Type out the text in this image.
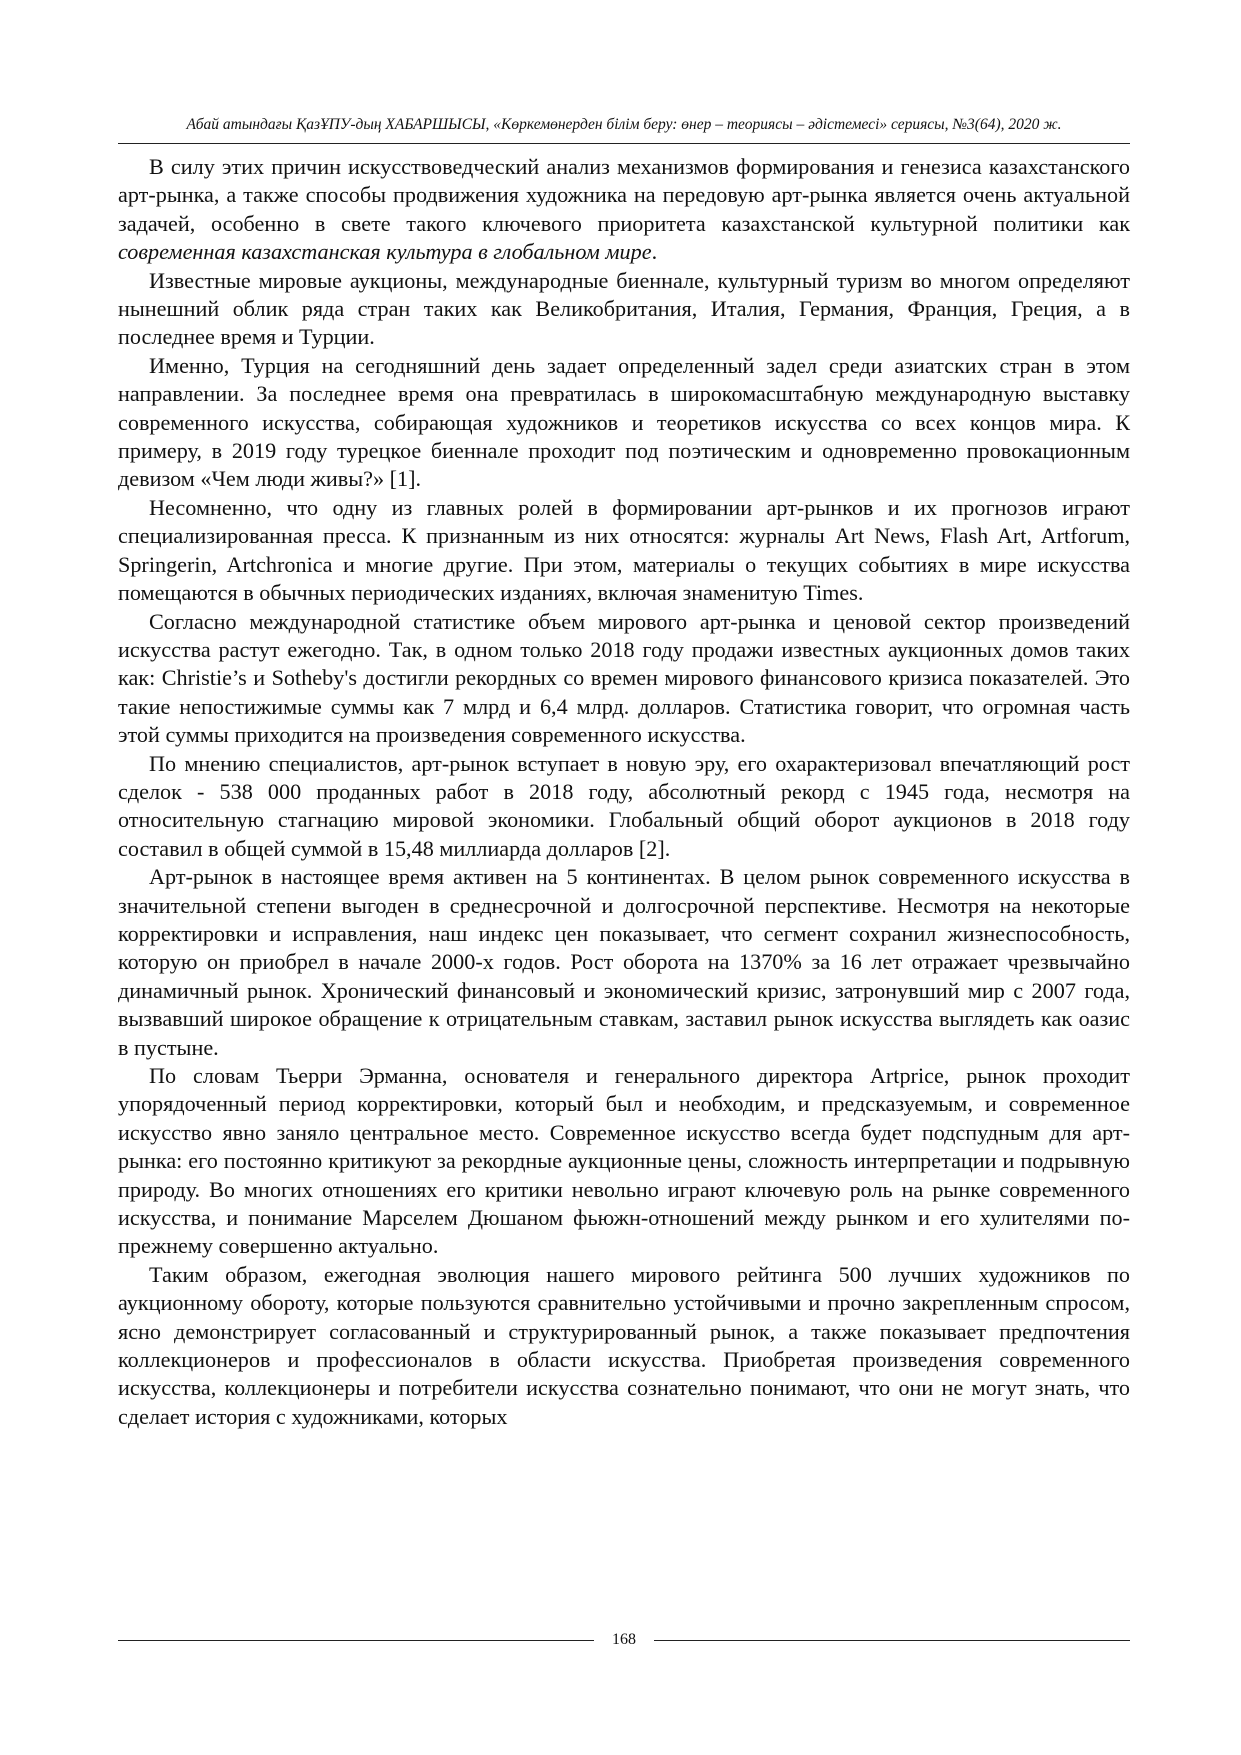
Абай атындағы ҚазҰПУ-дың ХАБАРШЫСЫ, «Көркемөнерден білім беру: өнер – теориясы – әдістемесі» сериясы, №3(64), 2020 ж.

В силу этих причин искусствоведческий анализ механизмов формирования и генезиса казахстанского арт-рынка, а также способы продвижения художника на передовую арт-рынка является очень актуальной задачей, особенно в свете такого ключевого приоритета казахстанской культурной политики как современная казахстанская культура в глобальном мире.

Известные мировые аукционы, международные биеннале, культурный туризм во многом определяют нынешний облик ряда стран таких как Великобритания, Италия, Германия, Франция, Греция, а в последнее время и Турции.

Именно, Турция на сегодняшний день задает определенный задел среди азиатских стран в этом направлении. За последнее время она превратилась в широкомасштабную международную выставку современного искусства, собирающая художников и теоретиков искусства со всех концов мира. К примеру, в 2019 году турецкое биеннале проходит под поэтическим и одновременно провокационным девизом «Чем люди живы?» [1].

Несомненно, что одну из главных ролей в формировании арт-рынков и их прогнозов играют специализированная пресса. К признанным из них относятся: журналы Art News, Flash Art, Artforum, Springerin, Artchronica и многие другие. При этом, материалы о текущих событиях в мире искусства помещаются в обычных периодических изданиях, включая знаменитую Times.

Согласно международной статистике объем мирового арт-рынка и ценовой сектор произведений искусства растут ежегодно. Так, в одном только 2018 году продажи известных аукционных домов таких как: Christie’s и Sotheby's достигли рекордных со времен мирового финансового кризиса показателей. Это такие непостижимые суммы как 7 млрд и 6,4 млрд. долларов. Статистика говорит, что огромная часть этой суммы приходится на произведения современного искусства.

По мнению специалистов, арт-рынок вступает в новую эру, его охарактеризовал впечатляющий рост сделок - 538 000 проданных работ в 2018 году, абсолютный рекорд с 1945 года, несмотря на относительную стагнацию мировой экономики. Глобальный общий оборот аукционов в 2018 году составил в общей суммой в 15,48 миллиарда долларов [2].

Арт-рынок в настоящее время активен на 5 континентах. В целом рынок современного искусства в значительной степени выгоден в среднесрочной и долгосрочной перспективе. Несмотря на некоторые корректировки и исправления, наш индекс цен показывает, что сегмент сохранил жизнеспособность, которую он приобрел в начале 2000-х годов. Рост оборота на 1370% за 16 лет отражает чрезвычайно динамичный рынок. Хронический финансовый и экономический кризис, затронувший мир с 2007 года, вызвавший широкое обращение к отрицательным ставкам, заставил рынок искусства выглядеть как оазис в пустыне.

По словам Тьерри Эрманна, основателя и генерального директора Artprice, рынок проходит упорядоченный период корректировки, который был и необходим, и предсказуемым, и современное искусство явно заняло центральное место. Современное искусство всегда будет подспудным для арт-рынка: его постоянно критикуют за рекордные аукционные цены, сложность интерпретации и подрывную природу. Во многих отношениях его критики невольно играют ключевую роль на рынке современного искусства, и понимание Марселем Дюшаном фьюжн-отношений между рынком и его хулителями по-прежнему совершенно актуально.

Таким образом, ежегодная эволюция нашего мирового рейтинга 500 лучших художников по аукционному обороту, которые пользуются сравнительно устойчивыми и прочно закрепленным спросом, ясно демонстрирует согласованный и структурированный рынок, а также показывает предпочтения коллекционеров и профессионалов в области искусства. Приобретая произведения современного искусства, коллекционеры и потребители искусства сознательно понимают, что они не могут знать, что сделает история с художниками, которых

168
